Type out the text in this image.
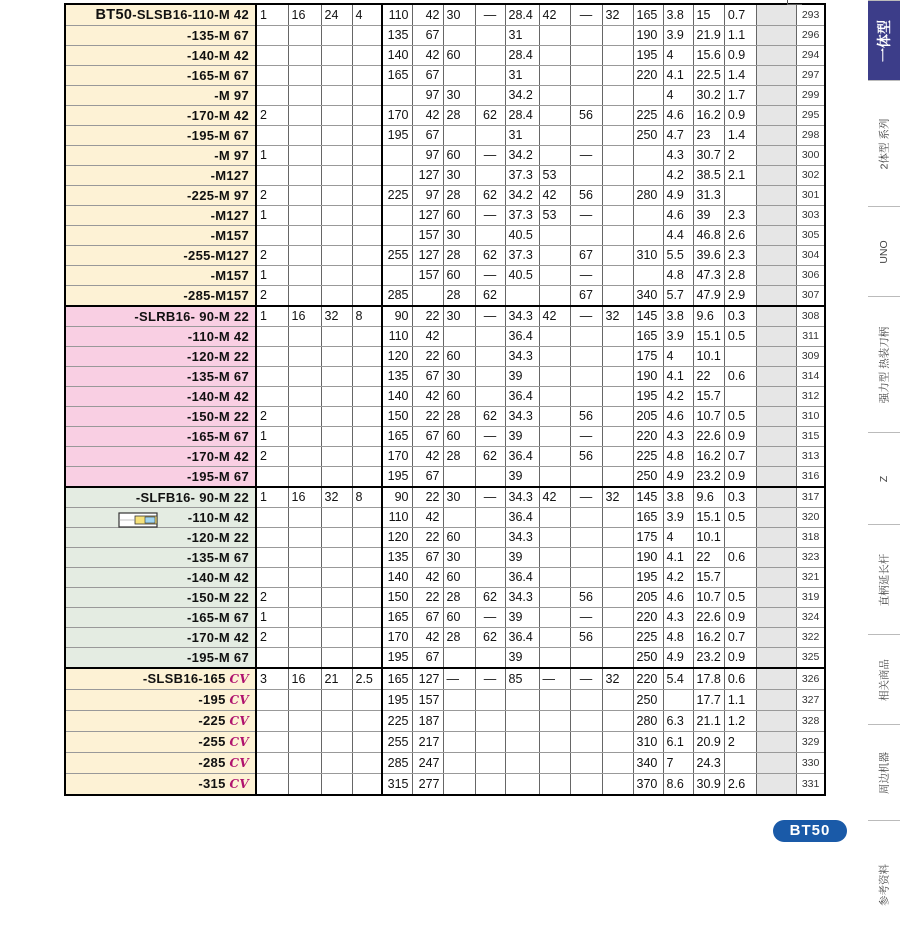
BT50-SLSB16-110-M 42	1	16	24	4	110	42	30	—	28.4	42	—	32	165	3.8	15	0.7		293
-135-M 67					135	67			31				190	3.9	21.9	1.1		296
-140-M 42					140	42	60		28.4				195	4	15.6	0.9		294
-165-M 67					165	67			31				220	4.1	22.5	1.4		297
-M 97						97	30		34.2					4	30.2	1.7		299
-170-M 42	2				170	42	28	62	28.4		56		225	4.6	16.2	0.9		295
-195-M 67					195	67			31				250	4.7	23	1.4		298
-M 97	1					97	60	—	34.2		—			4.3	30.7	2		300
-M127						127	30		37.3	53				4.2	38.5	2.1		302
-225-M 97	2				225	97	28	62	34.2	42	56		280	4.9	31.3			301
-M127	1					127	60	—	37.3	53	—			4.6	39	2.3		303
-M157						157	30		40.5					4.4	46.8	2.6		305
-255-M127	2				255	127	28	62	37.3		67		310	5.5	39.6	2.3		304
-M157	1					157	60	—	40.5		—			4.8	47.3	2.8		306
-285-M157	2				285		28	62			67		340	5.7	47.9	2.9		307
-SLRB16- 90-M 22	1	16	32	8	90	22	30	—	34.3	42	—	32	145	3.8	9.6	0.3		308
-110-M 42					110	42			36.4				165	3.9	15.1	0.5		311
-120-M 22					120	22	60		34.3				175	4	10.1			309
-135-M 67					135	67	30		39				190	4.1	22	0.6		314
-140-M 42					140	42	60		36.4				195	4.2	15.7			312
-150-M 22	2				150	22	28	62	34.3		56		205	4.6	10.7	0.5		310
-165-M 67	1				165	67	60	—	39		—		220	4.3	22.6	0.9		315
-170-M 42	2				170	42	28	62	36.4		56		225	4.8	16.2	0.7		313
-195-M 67					195	67			39				250	4.9	23.2	0.9		316
-SLFB16- 90-M 22	1	16	32	8	90	22	30	—	34.3	42	—	32	145	3.8	9.6	0.3		317
-110-M 42					110	42			36.4				165	3.9	15.1	0.5		320
-120-M 22					120	22	60		34.3				175	4	10.1			318
-135-M 67					135	67	30		39				190	4.1	22	0.6		323
-140-M 42					140	42	60		36.4				195	4.2	15.7			321
-150-M 22	2				150	22	28	62	34.3		56		205	4.6	10.7	0.5		319
-165-M 67	1				165	67	60	—	39		—		220	4.3	22.6	0.9		324
-170-M 42	2				170	42	28	62	36.4		56		225	4.8	16.2	0.7		322
-195-M 67					195	67			39				250	4.9	23.2	0.9		325
-SLSB16-165 CV	3	16	21	2.5	165	127	—	—	85	—	—	32	220	5.4	17.8	0.6		326
-195 CV					195	157							250		17.7	1.1		327
-225 CV					225	187							280	6.3	21.1	1.2		328
-255 CV					255	217							310	6.1	20.9	2		329
-285 CV					285	247							340	7	24.3			330
-315 CV					315	277							370	8.6	30.9	2.6		331
一体型
2体型 系列
UNO
强力型 热装刀柄
Z
直柄延长杆
相关商品
周边机器
参考资料
BT50
